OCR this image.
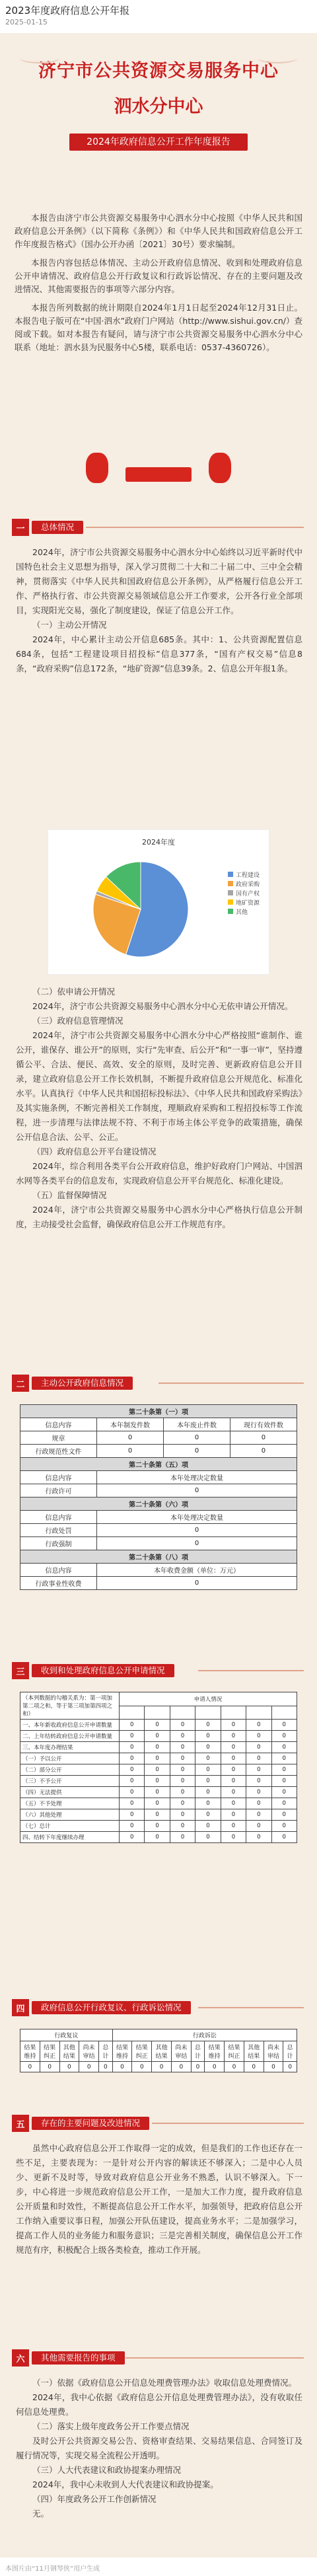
2023年度政府信息公开年报
2025-01-15
济宁市公共资源交易服务中心
泗水分中心
2024年政府信息公开工作年度报告

本报告由济宁市公共资源交易服务中心泗水分中心按照《中华人民共和国政府信息公开条例》（以下简称《条例》）和《中华人民共和国政府信息公开工作年度报告格式》（国办公开办函〔2021〕30号）要求编制。

本报告内容包括总体情况、主动公开政府信息情况、收到和处理政府信息公开申请情况、政府信息公开行政复议和行政诉讼情况、存在的主要问题及改进情况、其他需要报告的事项等六部分内容。

本报告所列数据的统计期限自2024年1月1日起至2024年12月31日止。本报告电子版可在“中国·泗水”政府门户网站（http://www.sishui.gov.cn/）查阅或下载。如对本报告有疑问，请与济宁市公共资源交易服务中心泗水分中心联系（地址：泗水县为民服务中心5楼，联系电话：0537-4360726）。

一	总体情况

2024年，济宁市公共资源交易服务中心泗水分中心始终以习近平新时代中国特色社会主义思想为指导，深入学习贯彻二十大和二十届二中、三中全会精神，贯彻落实《中华人民共和国政府信息公开条例》，从严格履行信息公开工作、严格执行省、市公共资源交易领域信息公开工作要求，公开各行业全部项目，实现阳光交易，强化了制度建设，保证了信息公开工作。

（一）主动公开情况

2024年，中心累计主动公开信息685条。其中：1、公共资源配置信息684条，包括“工程建设项目招投标”信息377条，“国有产权交易”信息8条，“政府采购”信息172条，“地矿资源”信息39条。2、信息公开年报1条。

2024年度
工程建设
政府采购
国有产权
地矿资源
其他

（二）依申请公开情况

2024年，济宁市公共资源交易服务中心泗水分中心无依申请公开情况。

（三）政府信息管理情况

2024年，济宁市公共资源交易服务中心泗水分中心严格按照“谁制作、谁公开，谁保存、谁公开”的原则，实行“先审查、后公开”和“一事一审”，坚持遵循公平、合法、便民、高效、安全的原则，及时完善、更新政府信息公开目录，建立政府信息公开工作长效机制，不断提升政府信息公开规范化、标准化水平。认真执行《中华人民共和国招标投标法》、《中华人民共和国政府采购法》及其实施条例，不断完善相关工作制度，理顺政府采购和工程招投标等工作流程，进一步清理与法律法规不符、不利于市场主体公平竞争的政策措施，确保公开信息合法、公平、公正。

（四）政府信息公开平台建设情况

2024年，综合利用各类平台公开政府信息，维护好政府门户网站、中国泗水网等各类平台的信息发布，实现政府信息公开平台规范化、标准化建设。

（五）监督保障情况

2024年，济宁市公共资源交易服务中心泗水分中心严格执行信息公开制度，主动接受社会监督，确保政府信息公开工作规范有序。

二	主动公开政府信息情况
第二十条第（一）项			
信息内容	本年制发件数	本年废止件数	现行有效件数
规章	0	0	0
行政规范性文件	0	0	0
第二十条第（五）项			
信息内容	本年处理决定数量		
行政许可	0		
第二十条第（六）项			
信息内容	本年处理决定数量		
行政处罚	0		
行政强制	0		
第二十条第（八）项			
信息内容	本年收费金额（单位：万元）		
行政事业性收费	0		
三	收到和处理政府信息公开申请情况
（本列数据的勾稽关系为：第一项加第二项之和，等于第三项加第四项之和）	申请人情况						

一、本年新收政府信息公开申请数量	0	0	0	0	0	0	0
二、上年结转政府信息公开申请数量	0	0	0	0	0	0	0
三、本年度办理结果	0	0	0	0	0	0	0
（一）予以公开	0	0	0	0	0	0	0
（二）部分公开	0	0	0	0	0	0	0
（三）不予公开	0	0	0	0	0	0	0
（四）无法提供	0	0	0	0	0	0	0
（五）不予处理	0	0	0	0	0	0	0
（六）其他处理	0	0	0	0	0	0	0
（七）总计	0	0	0	0	0	0	0
四、结转下年度继续办理	0	0	0	0	0	0	0
四	政府信息公开行政复议、行政诉讼情况
行政复议					行政诉讼									
结果维持	结果纠正	其他结果	尚未审结	总计	结果维持	结果纠正	其他结果	尚未审结	总计	结果维持	结果纠正	其他结果	尚未审结	总计
0	0	0	0	0	0	0	0	0	0	0	0	0	0	0
五	存在的主要问题及改进情况

虽然中心政府信息公开工作取得一定的成效，但是我们的工作也还存在一些不足，主要表现为：一是针对公开内容的解读还不够深入；二是中心人员少、更新不及时等，导致对政府信息公开业务不熟悉，认识不够深入。下一步，中心将进一步规范政府信息公开工作，一是加大工作力度，提升政府信息公开质量和时效性，不断提高信息公开工作水平，加强领导，把政府信息公开工作纳入重要议事日程，加强公开队伍建设，提高业务水平；二是加强学习，提高工作人员的业务能力和服务意识；三是完善相关制度，确保信息公开工作规范有序，积极配合上级各类检查，推动工作开展。

六	其他需要报告的事项

（一）依据《政府信息公开信息处理费管理办法》收取信息处理费情况。

2024年，我中心依据《政府信息公开信息处理费管理办法》，没有收取任何信息处理费。

（二）落实上级年度政务公开工作要点情况

及时公开公共资源交易公告、资格审查结果、交易结果信息、合同签订及履行情况等，实现交易全流程公开透明。

（三）人大代表建议和政协提案办理情况

2024年，我中心未收到人大代表建议和政协提案。

（四）年度政务公开工作创新情况

无。

本图片由“11月钢琴侠”用户生成
